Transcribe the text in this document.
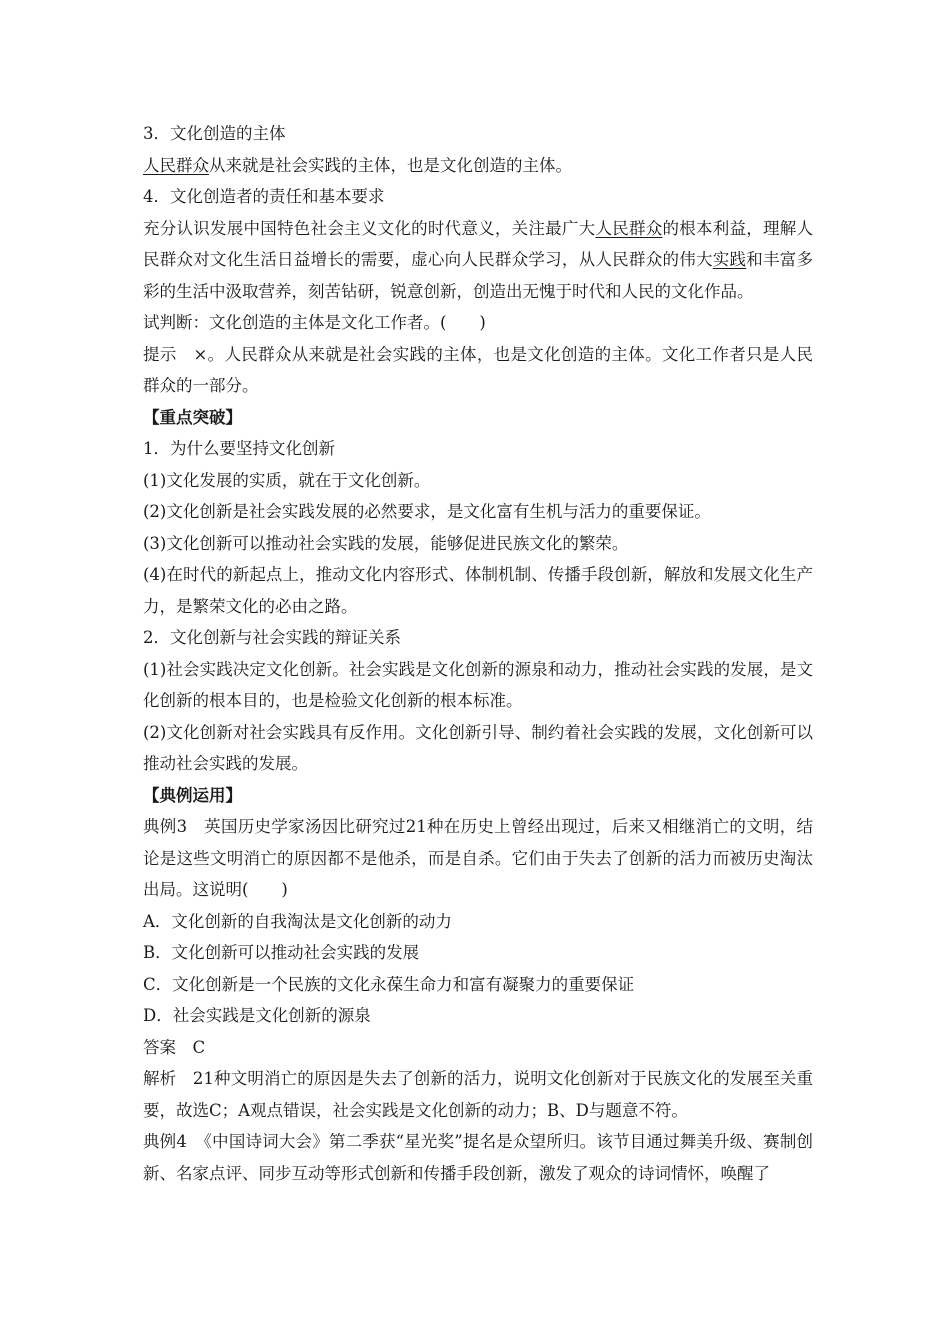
3．文化创造的主体
人民群众从来就是社会实践的主体，也是文化创造的主体。
4．文化创造者的责任和基本要求
充分认识发展中国特色社会主义文化的时代意义，关注最广大人民群众的根本利益，理解人民群众对文化生活日益增长的需要，虚心向人民群众学习，从人民群众的伟大实践和丰富多彩的生活中汲取营养，刻苦钻研，锐意创新，创造出无愧于时代和人民的文化作品。
试判断：文化创造的主体是文化工作者。(　　)
提示　×。人民群众从来就是社会实践的主体，也是文化创造的主体。文化工作者只是人民群众的一部分。
【重点突破】
1．为什么要坚持文化创新
(1)文化发展的实质，就在于文化创新。
(2)文化创新是社会实践发展的必然要求，是文化富有生机与活力的重要保证。
(3)文化创新可以推动社会实践的发展，能够促进民族文化的繁荣。
(4)在时代的新起点上，推动文化内容形式、体制机制、传播手段创新，解放和发展文化生产力，是繁荣文化的必由之路。
2．文化创新与社会实践的辩证关系
(1)社会实践决定文化创新。社会实践是文化创新的源泉和动力，推动社会实践的发展，是文化创新的根本目的，也是检验文化创新的根本标准。
(2)文化创新对社会实践具有反作用。文化创新引导、制约着社会实践的发展，文化创新可以推动社会实践的发展。
【典例运用】
典例3　英国历史学家汤因比研究过21种在历史上曾经出现过，后来又相继消亡的文明，结论是这些文明消亡的原因都不是他杀，而是自杀。它们由于失去了创新的活力而被历史淘汰出局。这说明(　　)
A．文化创新的自我淘汰是文化创新的动力
B．文化创新可以推动社会实践的发展
C．文化创新是一个民族的文化永葆生命力和富有凝聚力的重要保证
D．社会实践是文化创新的源泉
答案　C
解析　21种文明消亡的原因是失去了创新的活力，说明文化创新对于民族文化的发展至关重要，故选C；A观点错误，社会实践是文化创新的动力；B、D与题意不符。
典例4　《中国诗词大会》第二季获“星光奖”提名是众望所归。该节目通过舞美升级、赛制创新、名家点评、同步互动等形式创新和传播手段创新，激发了观众的诗词情怀，唤醒了
